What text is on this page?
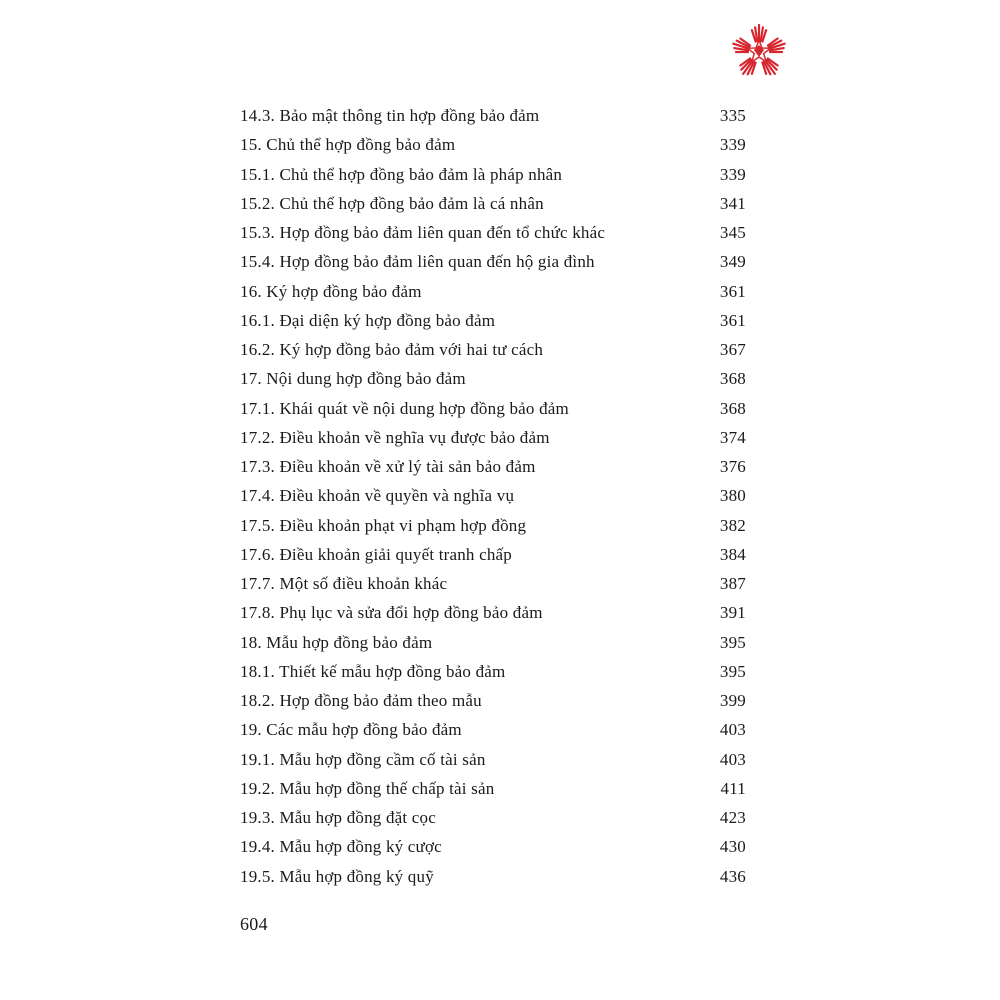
14.3. Bảo mật thông tin hợp đồng bảo đảm	335
15. Chủ thể hợp đồng bảo đảm	339
15.1. Chủ thể hợp đồng bảo đảm là pháp nhân	339
15.2. Chủ thể hợp đồng bảo đảm là cá nhân	341
15.3. Hợp đồng bảo đảm liên quan đến tổ chức khác	345
15.4. Hợp đồng bảo đảm liên quan đến hộ gia đình	349
16. Ký hợp đồng bảo đảm	361
16.1. Đại diện ký hợp đồng bảo đảm	361
16.2. Ký hợp đồng bảo đảm với hai tư cách	367
17. Nội dung hợp đồng bảo đảm	368
17.1. Khái quát về nội dung hợp đồng bảo đảm	368
17.2. Điều khoản về nghĩa vụ được bảo đảm	374
17.3. Điều khoản về xử lý tài sản bảo đảm	376
17.4. Điều khoản về quyền và nghĩa vụ	380
17.5. Điều khoản phạt vi phạm hợp đồng	382
17.6. Điều khoản giải quyết tranh chấp	384
17.7. Một số điều khoản khác	387
17.8. Phụ lục và sửa đổi hợp đồng bảo đảm	391
18. Mẫu hợp đồng bảo đảm	395
18.1. Thiết kế mẫu hợp đồng bảo đảm	395
18.2. Hợp đồng bảo đảm theo mẫu	399
19. Các mẫu hợp đồng bảo đảm	403
19.1. Mẫu hợp đồng cầm cố tài sản	403
19.2. Mẫu hợp đồng thế chấp tài sản	411
19.3. Mẫu hợp đồng đặt cọc	423
19.4. Mẫu hợp đồng ký cược	430
19.5. Mẫu hợp đồng ký quỹ	436
604
